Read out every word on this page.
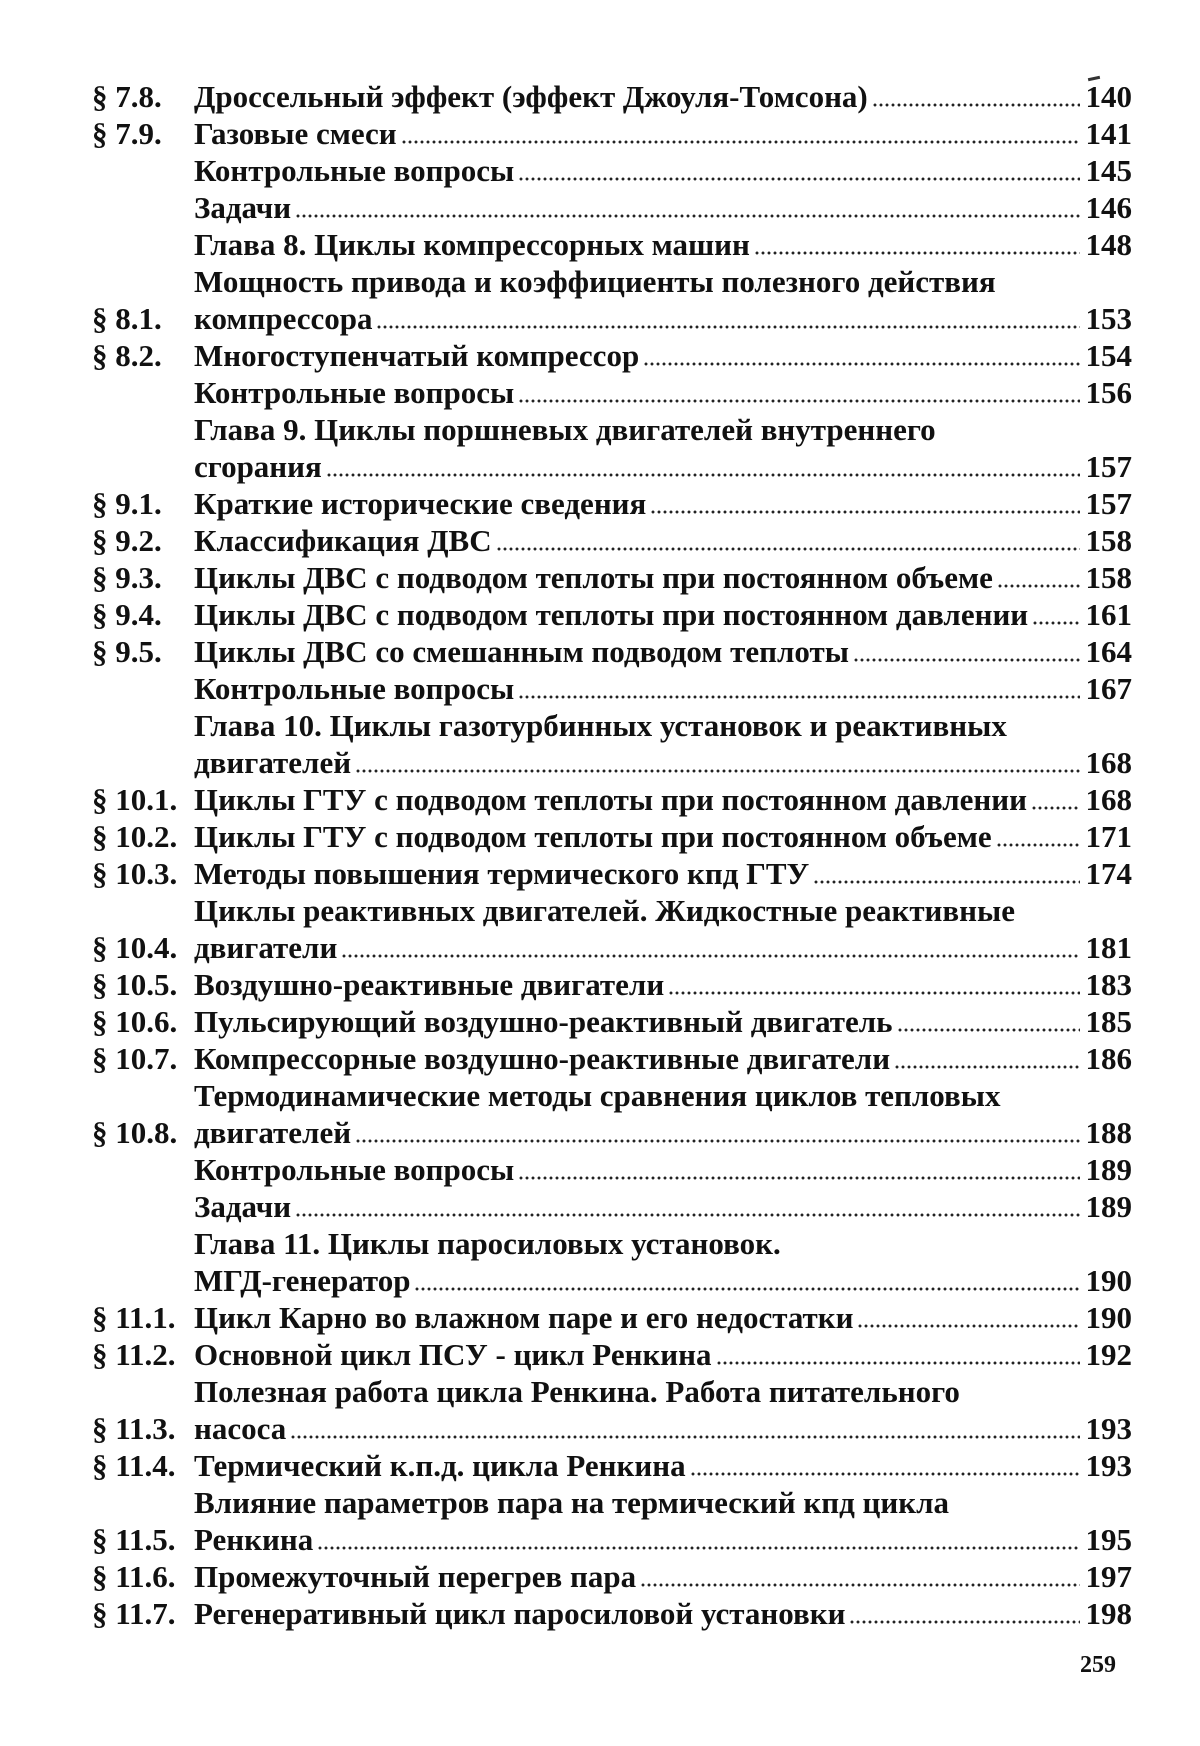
§ 7.8.	Дроссельный эффект (эффект Джоуля-Томсона)	140
§ 7.9.	Газовые смеси	141
Контрольные вопросы	145
Задачи	146
Глава 8. Циклы компрессорных машин	148
§ 8.1.
Мощность привода и коэффициенты полезного действия
компрессора	153
§ 8.2.	Многоступенчатый компрессор	154
Контрольные вопросы	156
Глава 9. Циклы поршневых двигателей внутреннего
сгорания	157
§ 9.1.	Краткие исторические сведения	157
§ 9.2.	Классификация ДВС	158
§ 9.3.	Циклы ДВС с подводом теплоты при постоянном объеме	158
§ 9.4.	Циклы ДВС с подводом теплоты при постоянном давлении 161
§ 9.5.	Циклы ДВС со смешанным подводом теплоты	164
Контрольные вопросы	167
Глава 10. Циклы газотурбинных установок и реактивных
двигателей	168
§ 10.1. Циклы ГТУ с подводом теплоты при постоянном давлении 168
§ 10.2. Циклы ГТУ с подводом теплоты при постоянном объеме	171
§ 10.3. Методы повышения термического кпд ГТУ	174
§ 10.4.
Циклы реактивных двигателей. Жидкостные реактивные
двигатели	181
§ 10.5. Воздушно-реактивные двигатели	183
§ 10.6. Пульсирующий воздушно-реактивный двигатель	185
§ 10.7. Компрессорные воздушно-реактивные двигатели	186
§ 10.8.
Термодинамические методы сравнения циклов тепловых
двигателей	188
Контрольные вопросы	189
Задачи	189
Глава 11. Циклы паросиловых установок.
МГД-генератор	190
§ 11.1. Цикл Карно во влажном паре и его недостатки	190
§ 11.2. Основной цикл ПСУ - цикл Ренкина	192
§ 11.3.
Полезная работа цикла Ренкина. Работа питательного
насоса	193
§ 11.4. Термический к.п.д. цикла Ренкина	193
§ 11.5.
Влияние параметров пара на термический кпд цикла
Ренкина	195
§ 11.6. Промежуточный перегрев пара	197
§ 11.7. Регенеративный цикл паросиловой установки	198
259
